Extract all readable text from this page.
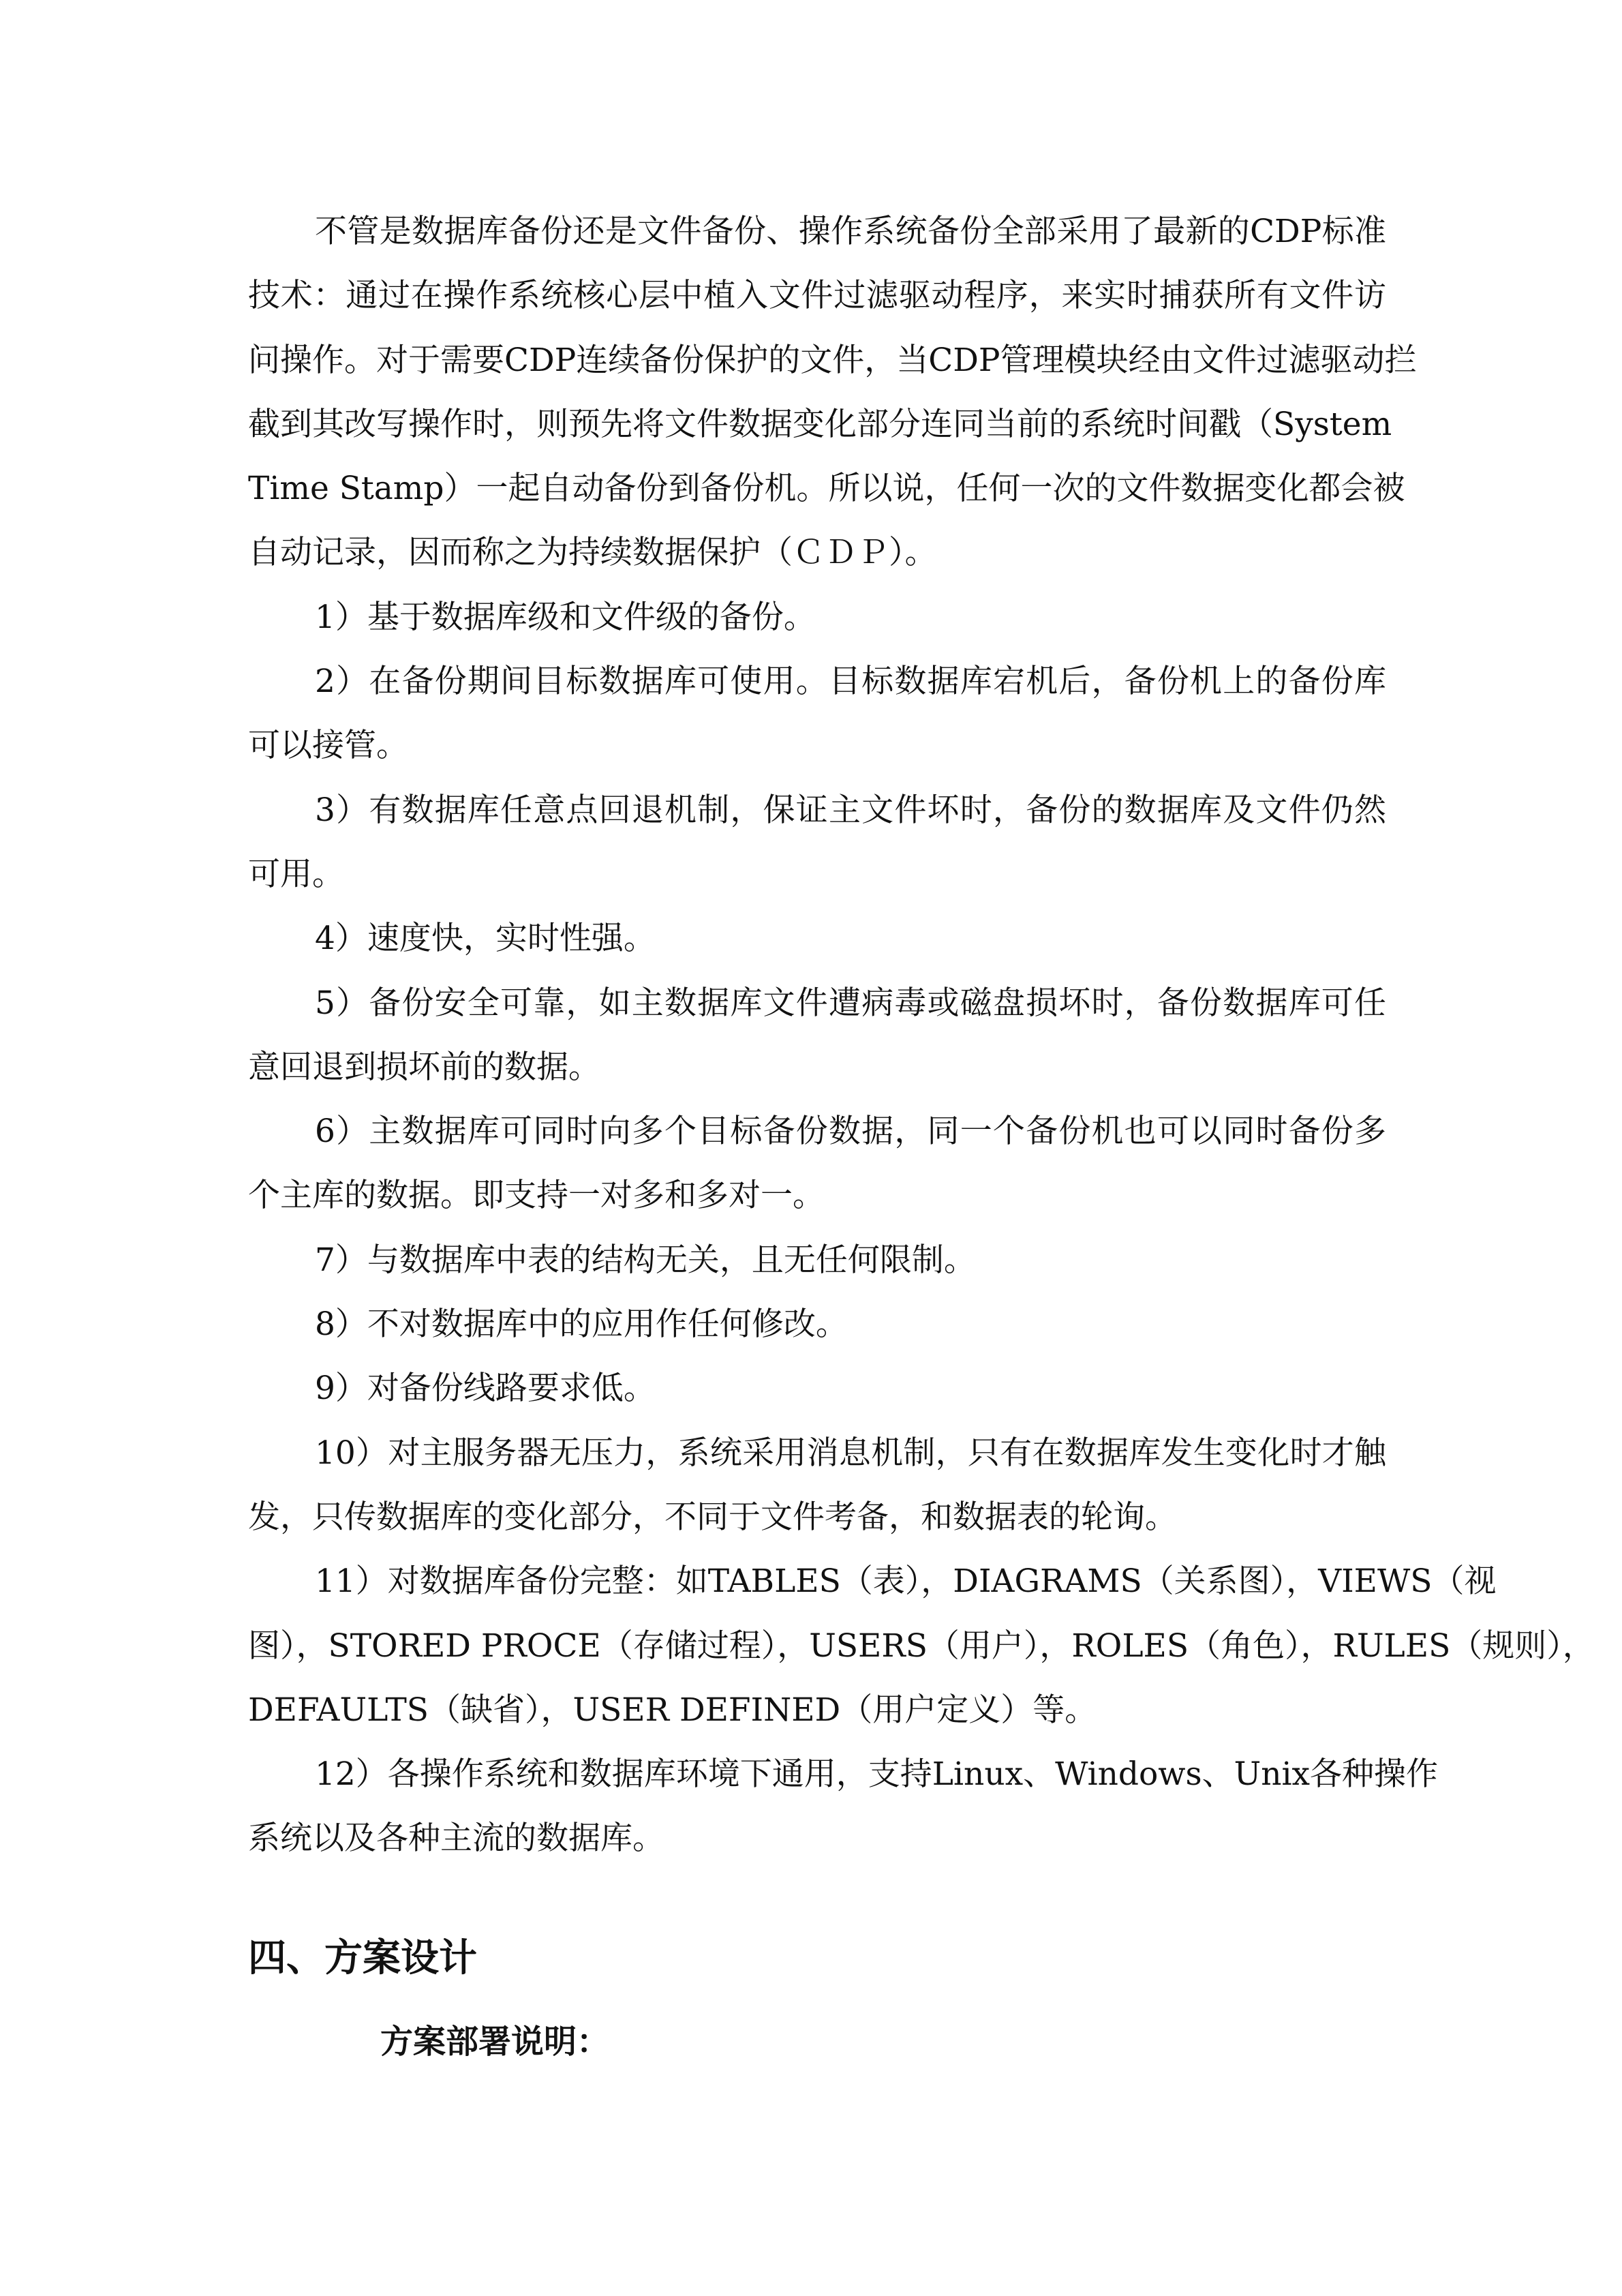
不管是数据库备份还是文件备份、操作系统备份全部采用了最新的CDP标准
技术：通过在操作系统核心层中植入文件过滤驱动程序，来实时捕获所有文件访
问操作。对于需要CDP连续备份保护的文件，当CDP管理模块经由文件过滤驱动拦
截到其改写操作时，则预先将文件数据变化部分连同当前的系统时间戳（System
Time Stamp）一起自动备份到备份机。所以说，任何一次的文件数据变化都会被
自动记录，因而称之为持续数据保护（ＣＤＰ）。
1）基于数据库级和文件级的备份。
2）在备份期间目标数据库可使用。目标数据库宕机后，备份机上的备份库
可以接管。
3）有数据库任意点回退机制，保证主文件坏时，备份的数据库及文件仍然
可用。
4）速度快，实时性强。
5）备份安全可靠，如主数据库文件遭病毒或磁盘损坏时，备份数据库可任
意回退到损坏前的数据。
6）主数据库可同时向多个目标备份数据，同一个备份机也可以同时备份多
个主库的数据。即支持一对多和多对一。
7）与数据库中表的结构无关，且无任何限制。
8）不对数据库中的应用作任何修改。
9）对备份线路要求低。
10）对主服务器无压力，系统采用消息机制，只有在数据库发生变化时才触
发，只传数据库的变化部分，不同于文件考备，和数据表的轮询。
11）对数据库备份完整：如TABLES（表），DIAGRAMS（关系图），VIEWS（视
图），STORED PROCE（存储过程），USERS（用户），ROLES（角色），RULES（规则），
DEFAULTS（缺省），USER DEFINED（用户定义）等。
12）各操作系统和数据库环境下通用，支持Linux、Windows、Unix各种操作
系统以及各种主流的数据库。
四、方案设计
方案部署说明：
